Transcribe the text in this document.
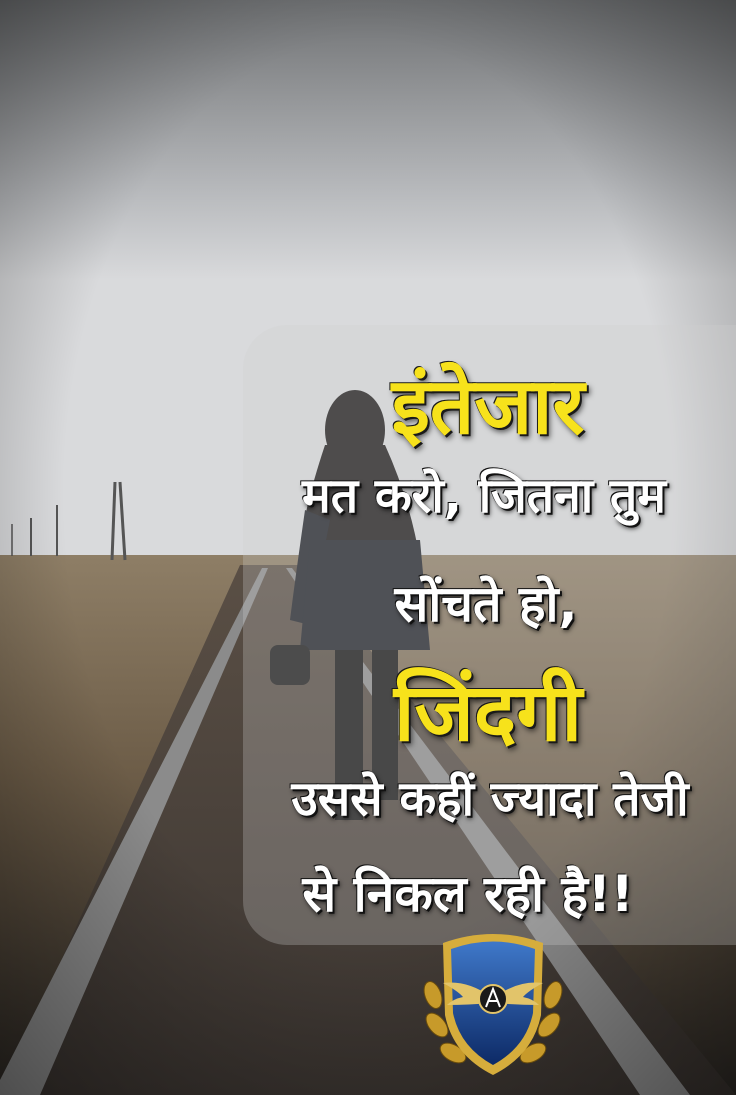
इंतेजार
मत करो, जितना तुम
सोंचते हो,
जिंदगी
उससे कहीं ज्यादा तेजी
से निकल रही है!!
